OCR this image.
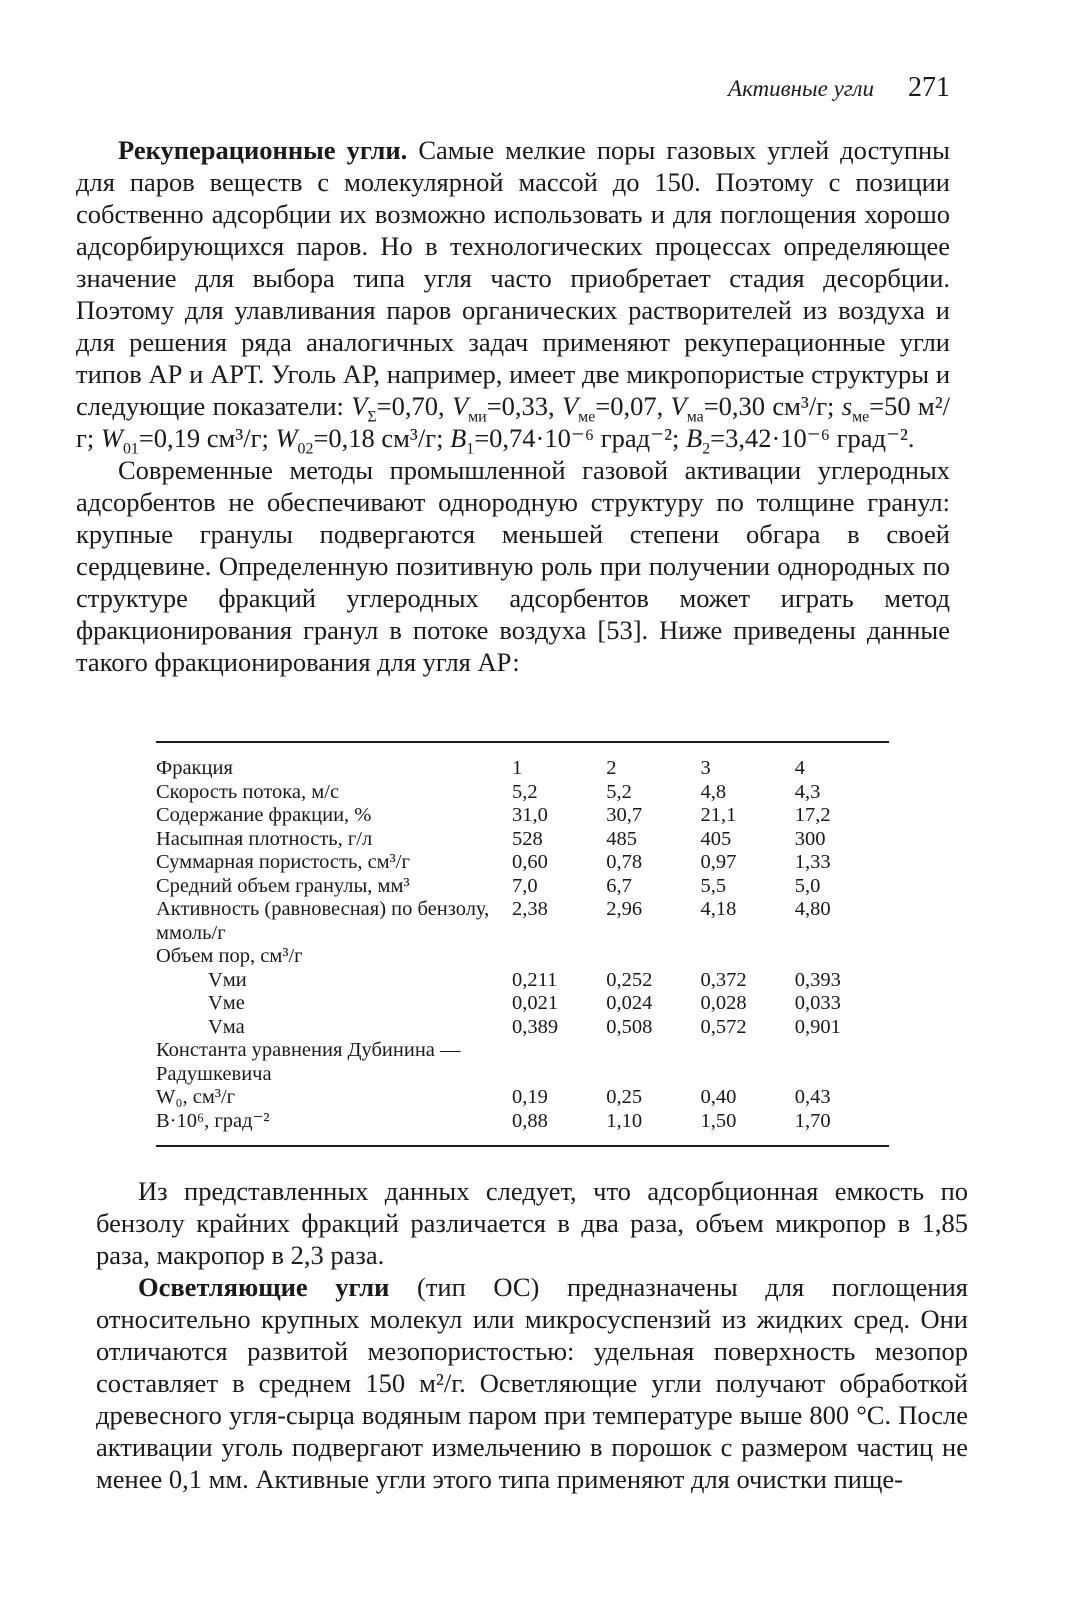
Активные угли 271

Рекуперационные угли. Самые мелкие поры газовых углей доступны для паров веществ с молекулярной массой до 150. Поэтому с позиции собственно адсорбции их возможно использовать и для поглощения хорошо адсорбирующихся паров. Но в технологических процессах определяющее значение для выбора типа угля часто приобретает стадия десорбции. Поэтому для улавливания паров органических растворителей из воздуха и для решения ряда аналогичных задач применяют рекуперационные угли типов АР и АРТ. Уголь АР, например, имеет две микропористые структуры и следующие показатели: $V_\Sigma=0,70$, $V_{ми}=0,33$, $V_{ме}=0,07$, $V_{ма}=0,30$ см³/г; $s_{ме}=50$ м²/г; $W_{01}=0,19$ см³/г; $W_{02}=0,18$ см³/г; $B_1=0,74\cdot 10^{-6}$ град⁻²; $B_2=3,42\cdot 10^{-6}$ град⁻².

Современные методы промышленной газовой активации углеродных адсорбентов не обеспечивают однородную структуру по толщине гранул: крупные гранулы подвергаются меньшей степени обгара в своей сердцевине. Определенную позитивную роль при получении однородных по структуре фракций углеродных адсорбентов может играть метод фракционирования гранул в потоке воздуха [53]. Ниже приведены данные такого фракционирования для угля АР:

Фракция	1	2	3	4
Скорость потока, м/с	5,2	5,2	4,8	4,3
Содержание фракции, %	31,0	30,7	21,1	17,2
Насыпная плотность, г/л	528	485	405	300
Суммарная пористость, см³/г	0,60	0,78	0,97	1,33
Средний объем гранулы, мм³	7,0	6,7	5,5	5,0
Активность (равновесная) по бензолу, ммоль/г	2,38	2,96	4,18	4,80
Объем пор, см³/г				
Vми	0,211	0,252	0,372	0,393
Vме	0,021	0,024	0,028	0,033
Vма	0,389	0,508	0,572	0,901
Константа уравнения Дубинина — Радушкевича				
W₀, см³/г	0,19	0,25	0,40	0,43
B·10⁶, град⁻²	0,88	1,10	1,50	1,70

Из представленных данных следует, что адсорбционная емкость по бензолу крайних фракций различается в два раза, объем микропор в 1,85 раза, макропор в 2,3 раза.

Осветляющие угли (тип ОС) предназначены для поглощения относительно крупных молекул или микросуспензий из жидких сред. Они отличаются развитой мезопористостью: удельная поверхность мезопор составляет в среднем 150 м²/г. Осветляющие угли получают обработкой древесного угля-сырца водяным паром при температуре выше 800 °С. После активации уголь подвергают измельчению в порошок с размером частиц не менее 0,1 мм. Активные угли этого типа применяют для очистки пище-
